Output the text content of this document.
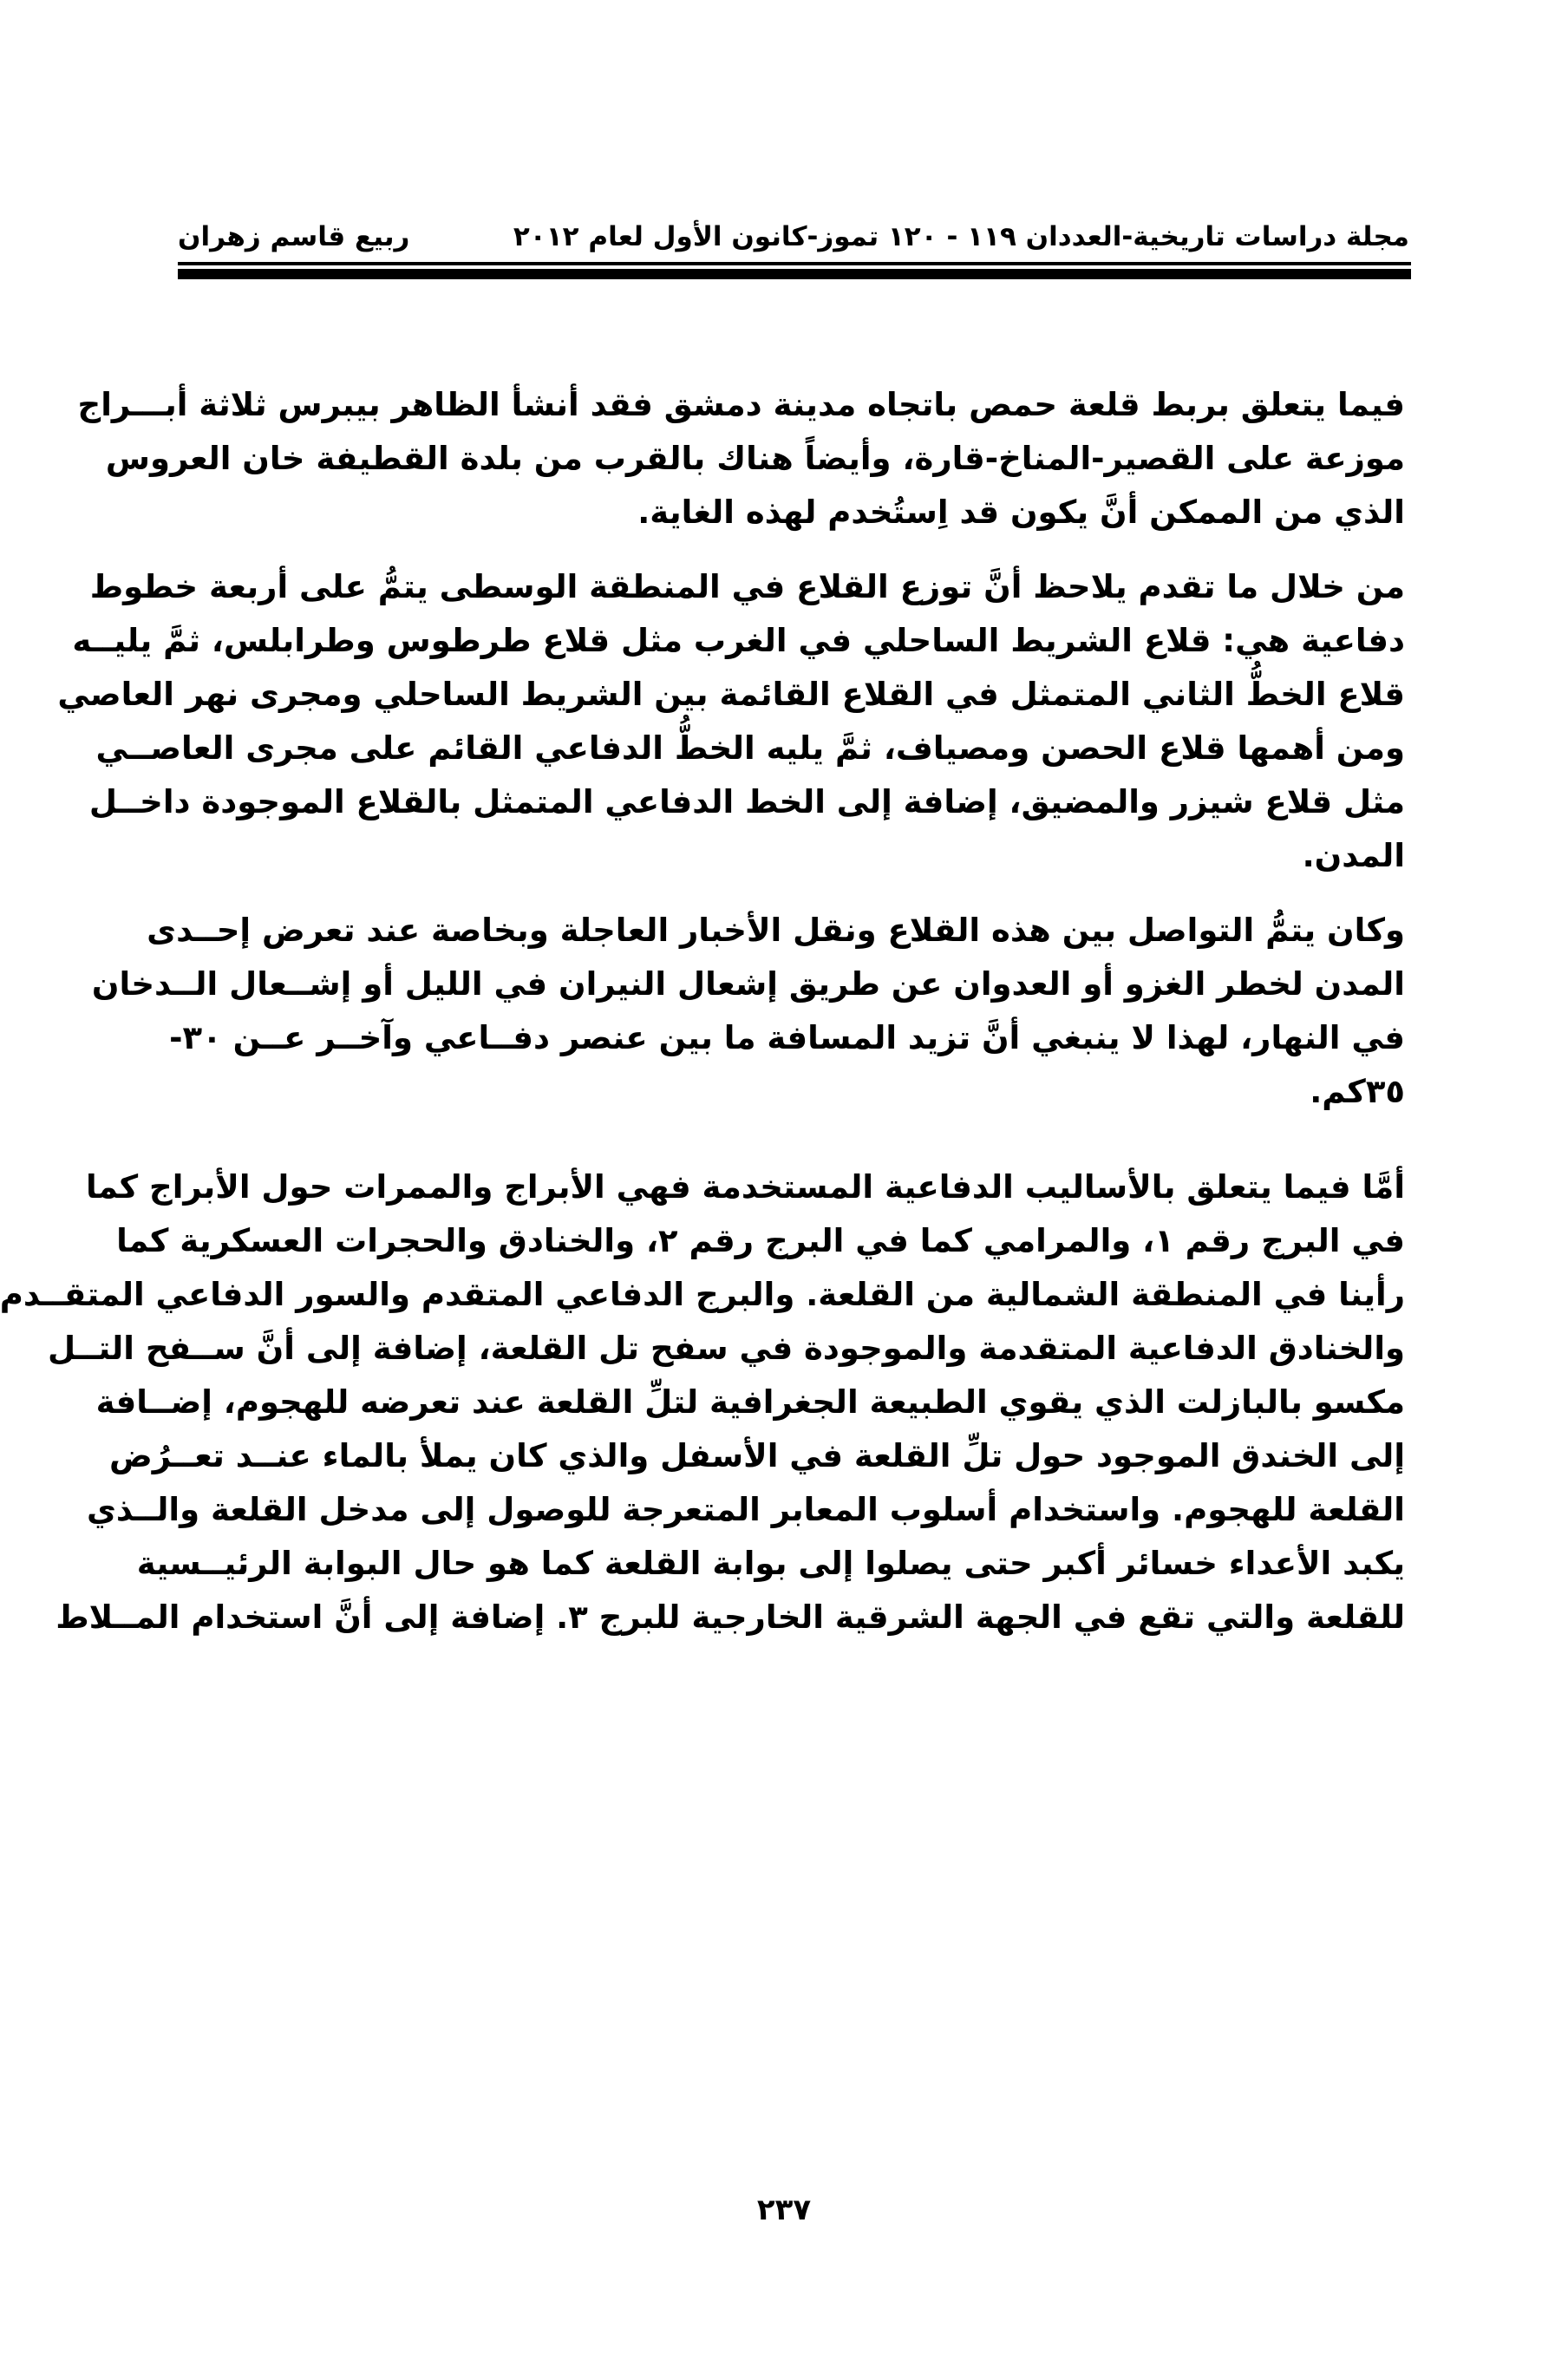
مجلة دراسات تاريخية-العددان ١١٩ - ١٢٠ تموز-كانون الأول لعام ٢٠١٢
ربيع قاسم زهران
فيما يتعلق بربط قلعة حمص باتجاه مدينة دمشق فقد أنشأ الظاهر بيبرس ثلاثة أبـــراج
موزعة على القصير-المناخ-قارة، وأيضاً هناك بالقرب من بلدة القطيفة خان العروس
الذي من الممكن أنَّ يكون قد اِستُخدم لهذه الغاية.
من خلال ما تقدم يلاحظ أنَّ توزع القلاع في المنطقة الوسطى يتمُّ على أربعة خطوط
دفاعية هي: قلاع الشريط الساحلي في الغرب مثل قلاع طرطوس وطرابلس، ثمَّ يليــه
قلاع الخطُّ الثاني المتمثل في القلاع القائمة بين الشريط الساحلي ومجرى نهر العاصي
ومن أهمها قلاع الحصن ومصياف، ثمَّ يليه الخطُّ الدفاعي القائم على مجرى العاصــي
مثل قلاع شيزر والمضيق، إضافة إلى الخط الدفاعي المتمثل بالقلاع الموجودة داخــل
المدن.
وكان يتمُّ التواصل بين هذه القلاع ونقل الأخبار العاجلة وبخاصة عند تعرض إحــدى
المدن لخطر الغزو أو العدوان عن طريق إشعال النيران في الليل أو إشــعال الــدخان
في النهار، لهذا لا ينبغي أنَّ تزيد المسافة ما بين عنصر دفــاعي وآخــر عــن ٣٠-
٣٥كم.
أمَّا فيما يتعلق بالأساليب الدفاعية المستخدمة فهي الأبراج والممرات حول الأبراج كما
في البرج رقم ١، والمرامي كما في البرج رقم ٢، والخنادق والحجرات العسكرية كما
رأينا في المنطقة الشمالية من القلعة. والبرج الدفاعي المتقدم والسور الدفاعي المتقــدم
والخنادق الدفاعية المتقدمة والموجودة في سفح تل القلعة، إضافة إلى أنَّ ســفح التــل
مكسو بالبازلت الذي يقوي الطبيعة الجغرافية لتلِّ القلعة عند تعرضه للهجوم، إضــافة
إلى الخندق الموجود حول تلِّ القلعة في الأسفل والذي كان يملأ بالماء عنــد تعــرُض
القلعة للهجوم. واستخدام أسلوب المعابر المتعرجة للوصول إلى مدخل القلعة والــذي
يكبد الأعداء خسائر أكبر حتى يصلوا إلى بوابة القلعة كما هو حال البوابة الرئيــسية
للقلعة والتي تقع في الجهة الشرقية الخارجية للبرج ٣. إضافة إلى أنَّ استخدام المــلاط
٢٣٧
